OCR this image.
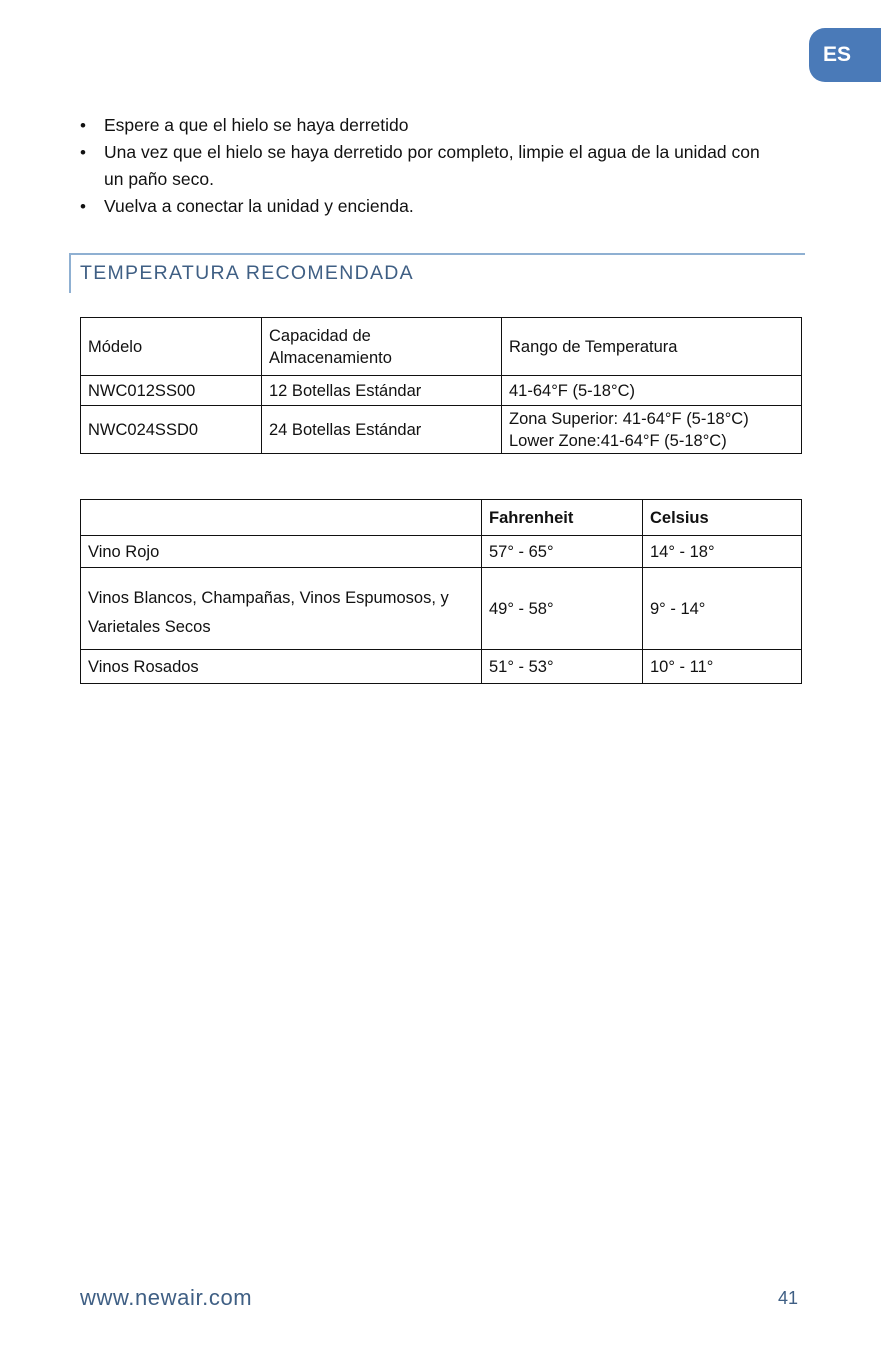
ES
• Espere a que el hielo se haya derretido
• Una vez que el hielo se haya derretido por completo, limpie el agua de la unidad con un paño seco.
• Vuelva a conectar la unidad y encienda.
TEMPERATURA RECOMENDADA
Módelo	Capacidad de Almacenamiento	Rango de Temperatura
NWC012SS00	12 Botellas Estándar	41-64°F (5-18°C)
NWC024SSD0	24 Botellas Estándar	Zona Superior: 41-64°F (5-18°C)
Lower Zone:41-64°F (5-18°C)
	Fahrenheit	Celsius
Vino Rojo	57° - 65°	14° - 18°
Vinos Blancos, Champañas, Vinos Espumosos, y Varietales Secos	49° - 58°	9° - 14°
Vinos Rosados	51° - 53°	10° - 11°
www.newair.com	41
